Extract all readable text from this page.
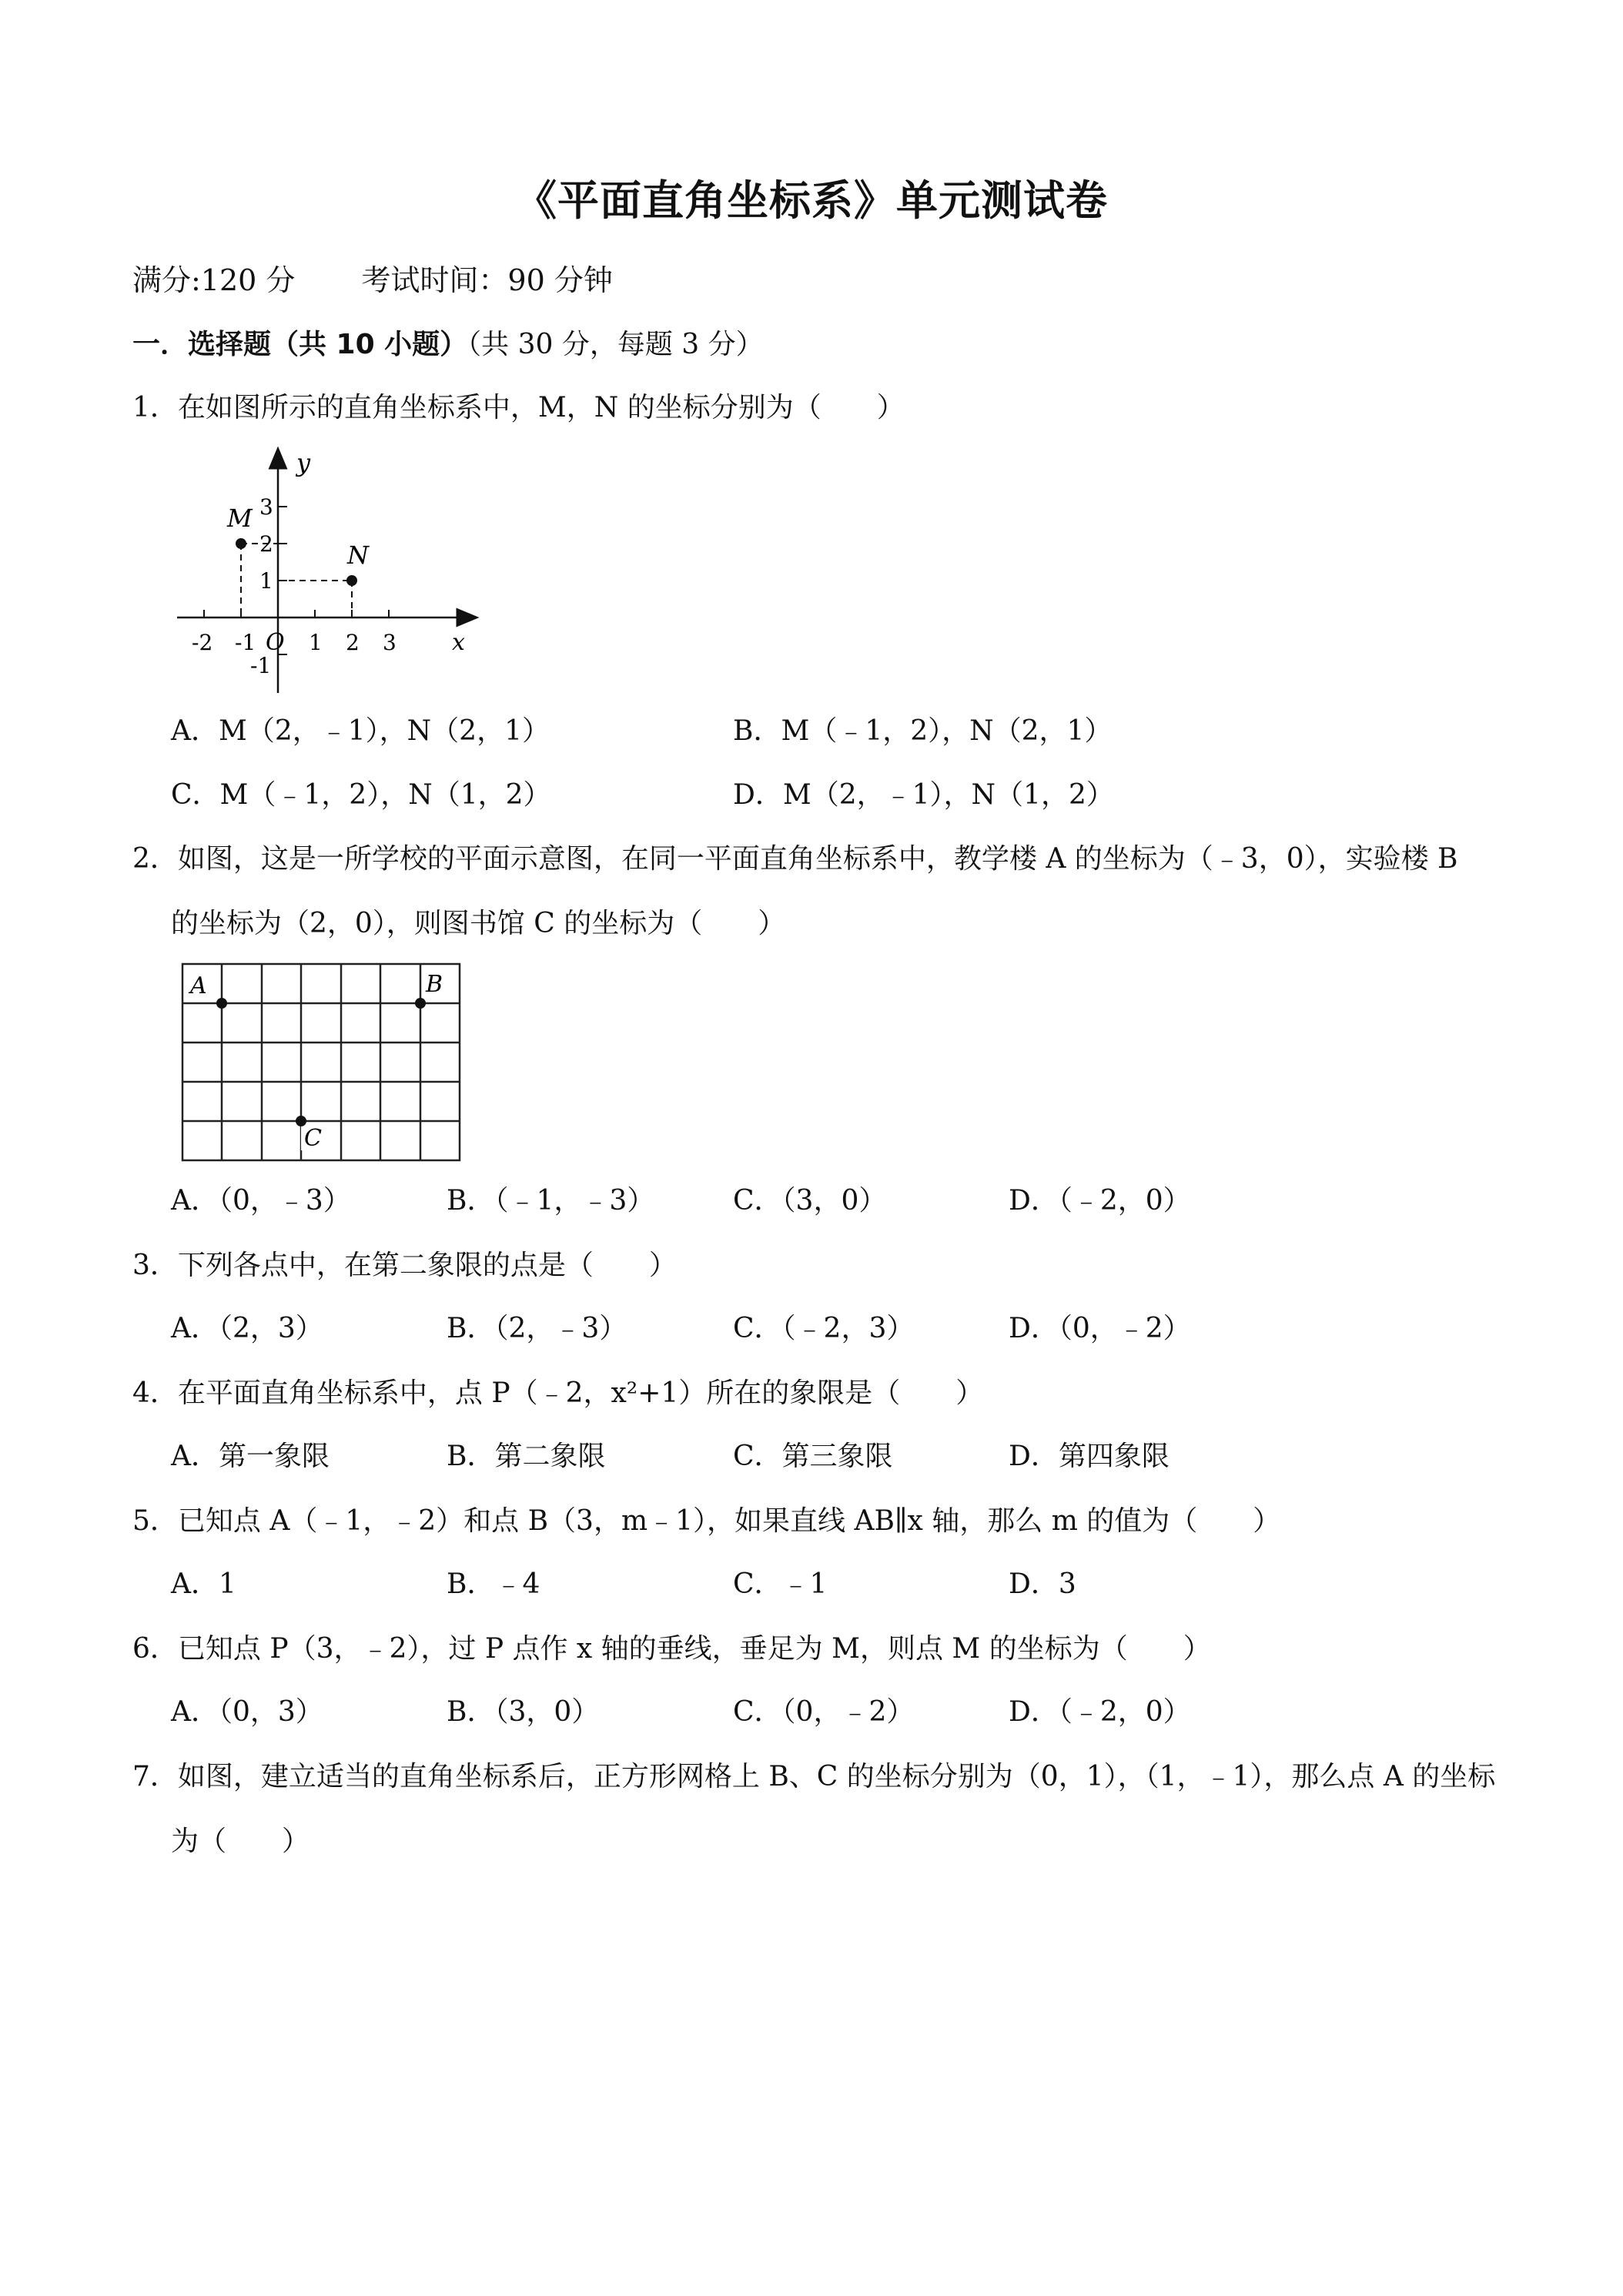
《平面直角坐标系》单元测试卷
满分:120 分 考试时间：90 分钟
一．选择题（共 10 小题）（共 30 分，每题 3 分）
1．在如图所示的直角坐标系中，M，N 的坐标分别为（　　）
y
x
O
-2 -1 1 2 3
3
2
1
-1
M
N
A．M（2，﹣1），N（2，1）	B．M（﹣1，2），N（2，1）
C．M（﹣1，2），N（1，2）	D．M（2，﹣1），N（1，2）
2．如图，这是一所学校的平面示意图，在同一平面直角坐标系中，教学楼 A 的坐标为（﹣3，0），实验楼 B
的坐标为（2，0），则图书馆 C 的坐标为（　　）
A	B
C
A．（0，﹣3）	B．（﹣1，﹣3）	C．（3，0）	D．（﹣2，0）
3．下列各点中，在第二象限的点是（　　）
A．（2，3）	B．（2，﹣3）	C．（﹣2，3）	D．（0，﹣2）
4．在平面直角坐标系中，点 P（﹣2，x²+1）所在的象限是（　　）
A．第一象限	B．第二象限	C．第三象限	D．第四象限
5．已知点 A（﹣1，﹣2）和点 B（3，m﹣1），如果直线 AB∥x 轴，那么 m 的值为（　　）
A．1	B．﹣4	C．﹣1	D．3
6．已知点 P（3，﹣2），过 P 点作 x 轴的垂线，垂足为 M，则点 M 的坐标为（　　）
A．（0，3）	B．（3，0）	C．（0，﹣2）	D．（﹣2，0）
7．如图，建立适当的直角坐标系后，正方形网格上 B、C 的坐标分别为（0，1），（1，﹣1），那么点 A 的坐标
为（　　）
